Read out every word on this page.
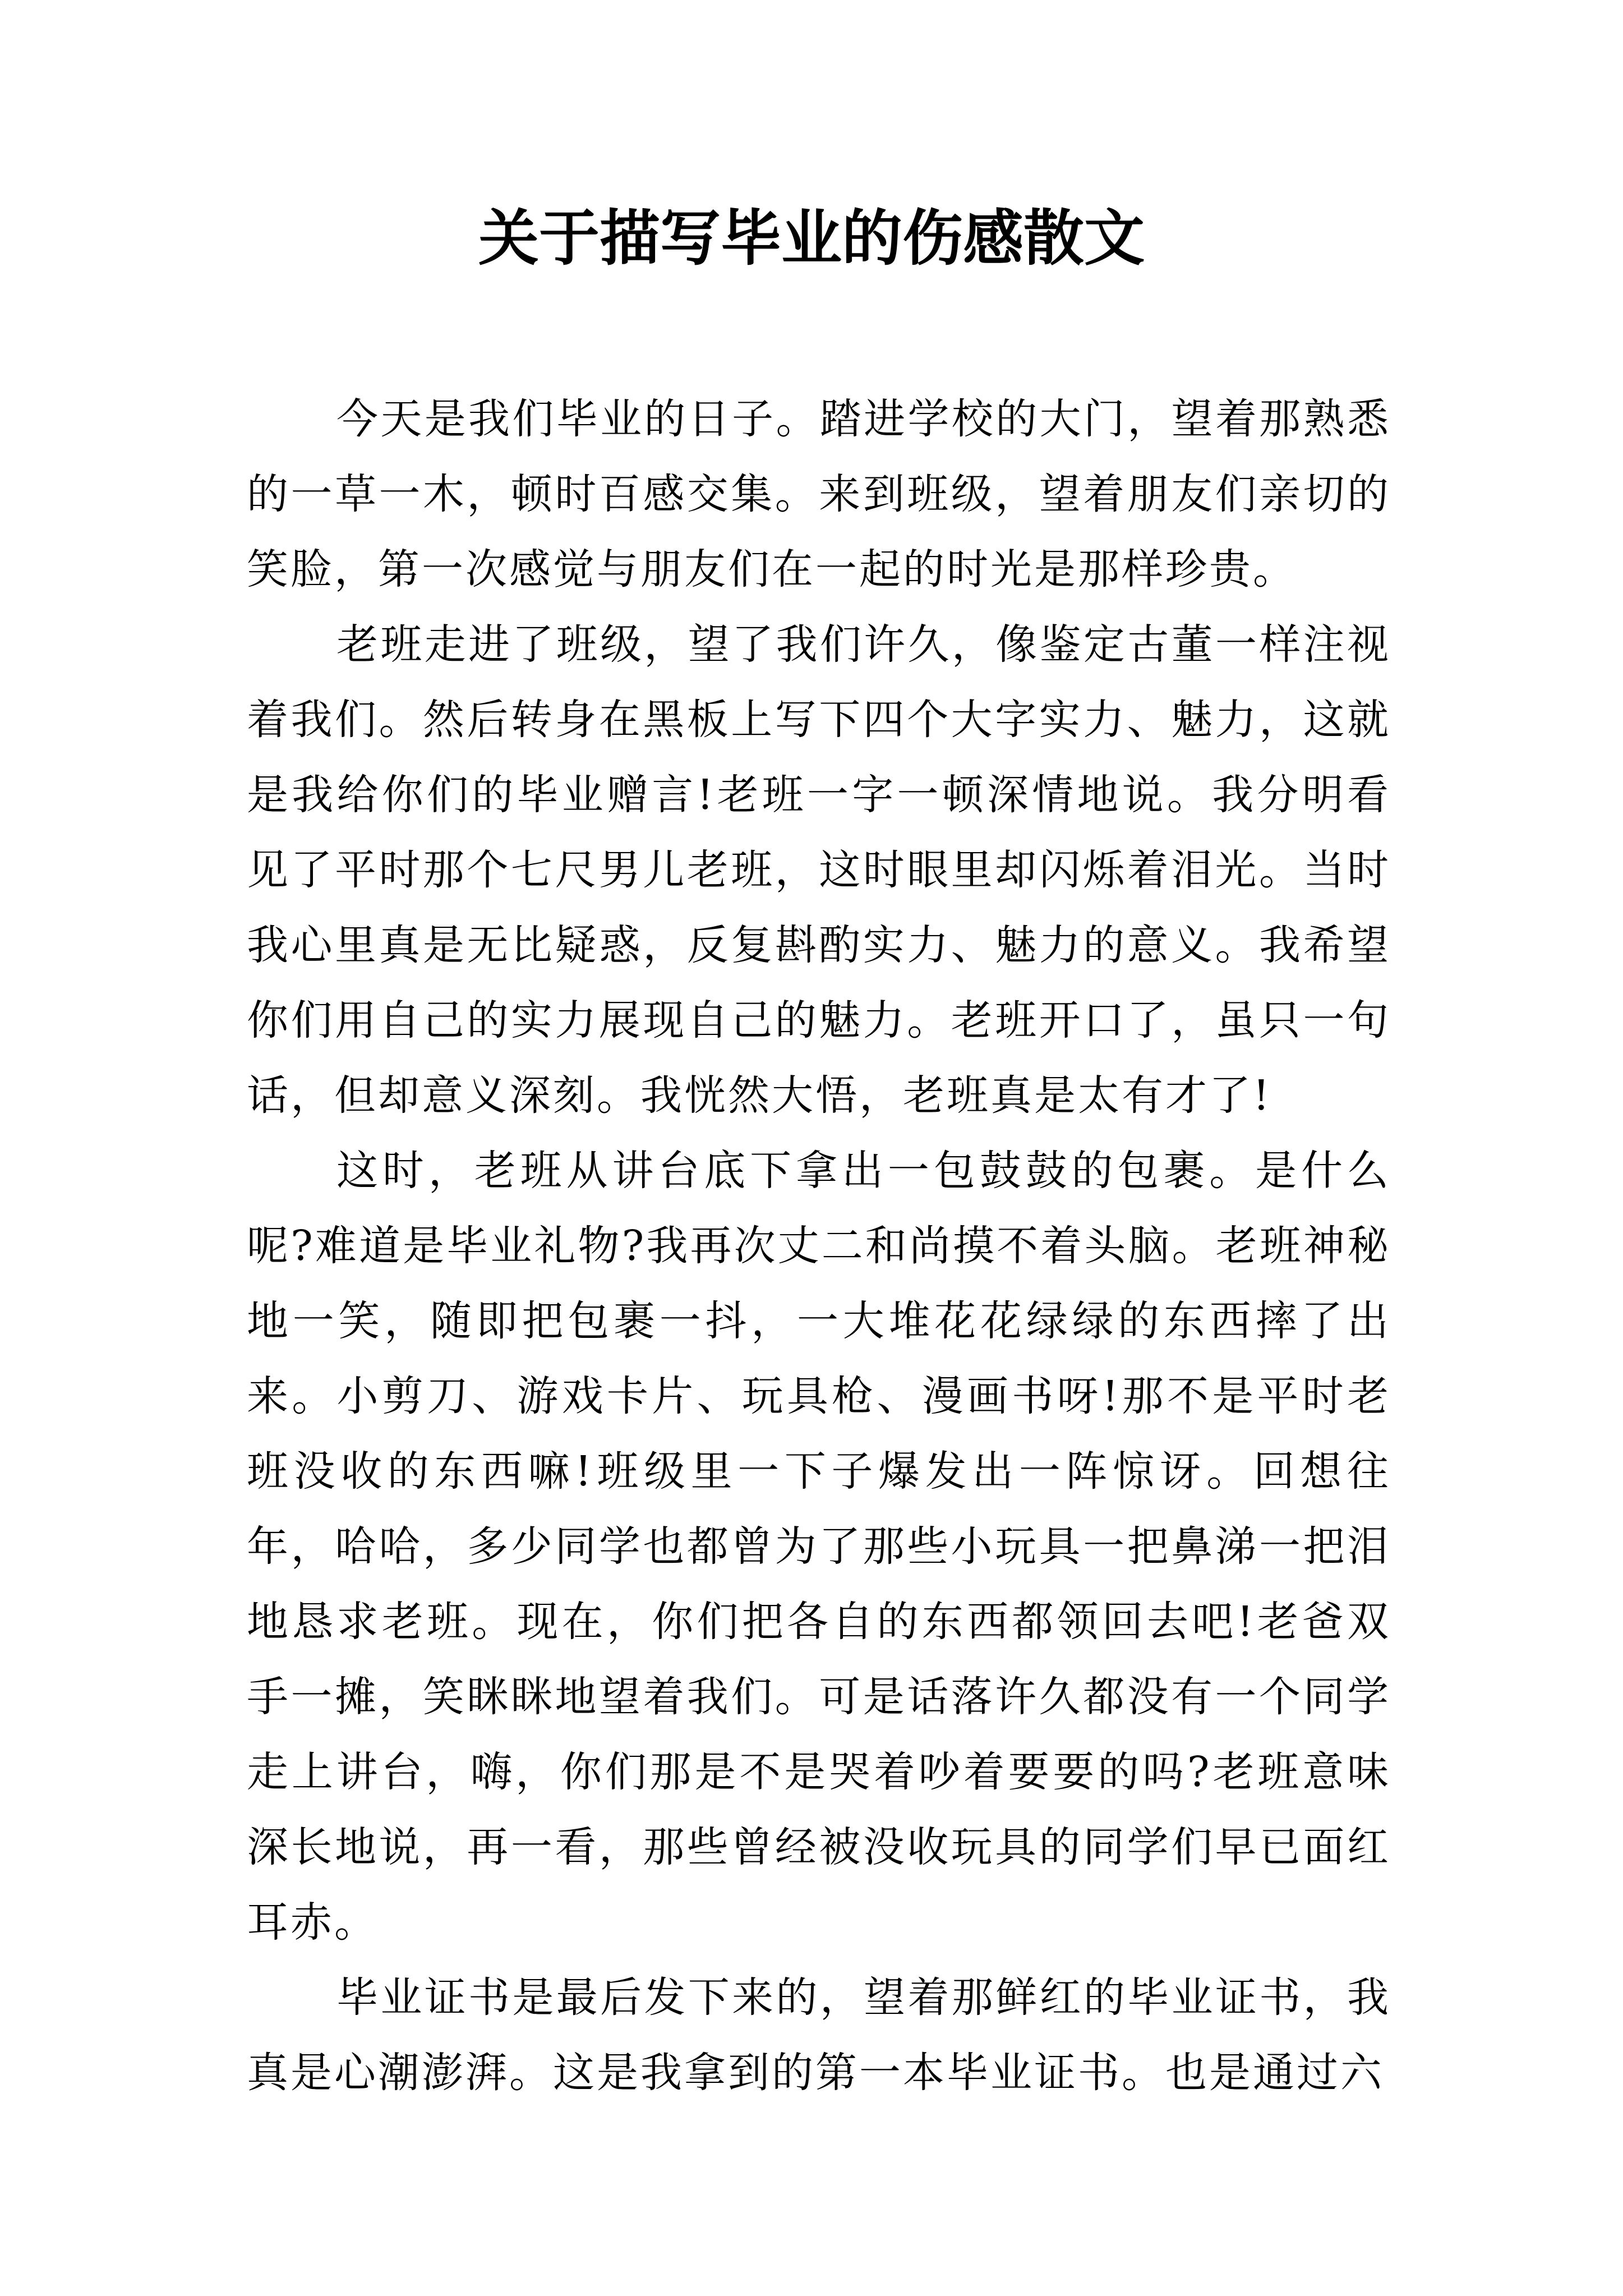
关于描写毕业的伤感散文

今天是我们毕业的日子。踏进学校的大门，望着那熟悉的一草一木，顿时百感交集。来到班级，望着朋友们亲切的笑脸，第一次感觉与朋友们在一起的时光是那样珍贵。

老班走进了班级，望了我们许久，像鉴定古董一样注视着我们。然后转身在黑板上写下四个大字实力、魅力，这就是我给你们的毕业赠言!老班一字一顿深情地说。我分明看见了平时那个七尺男儿老班，这时眼里却闪烁着泪光。当时我心里真是无比疑惑，反复斟酌实力、魅力的意义。我希望你们用自己的实力展现自己的魅力。老班开口了，虽只一句话，但却意义深刻。我恍然大悟，老班真是太有才了!

这时，老班从讲台底下拿出一包鼓鼓的包裹。是什么呢?难道是毕业礼物?我再次丈二和尚摸不着头脑。老班神秘地一笑，随即把包裹一抖，一大堆花花绿绿的东西摔了出来。小剪刀、游戏卡片、玩具枪、漫画书呀!那不是平时老班没收的东西嘛!班级里一下子爆发出一阵惊讶。回想往年，哈哈，多少同学也都曾为了那些小玩具一把鼻涕一把泪地恳求老班。现在，你们把各自的东西都领回去吧!老爸双手一摊，笑眯眯地望着我们。可是话落许久都没有一个同学走上讲台，嗨，你们那是不是哭着吵着要要的吗?老班意味深长地说，再一看，那些曾经被没收玩具的同学们早已面红耳赤。

毕业证书是最后发下来的，望着那鲜红的毕业证书，我真是心潮澎湃。这是我拿到的第一本毕业证书。也是通过六
